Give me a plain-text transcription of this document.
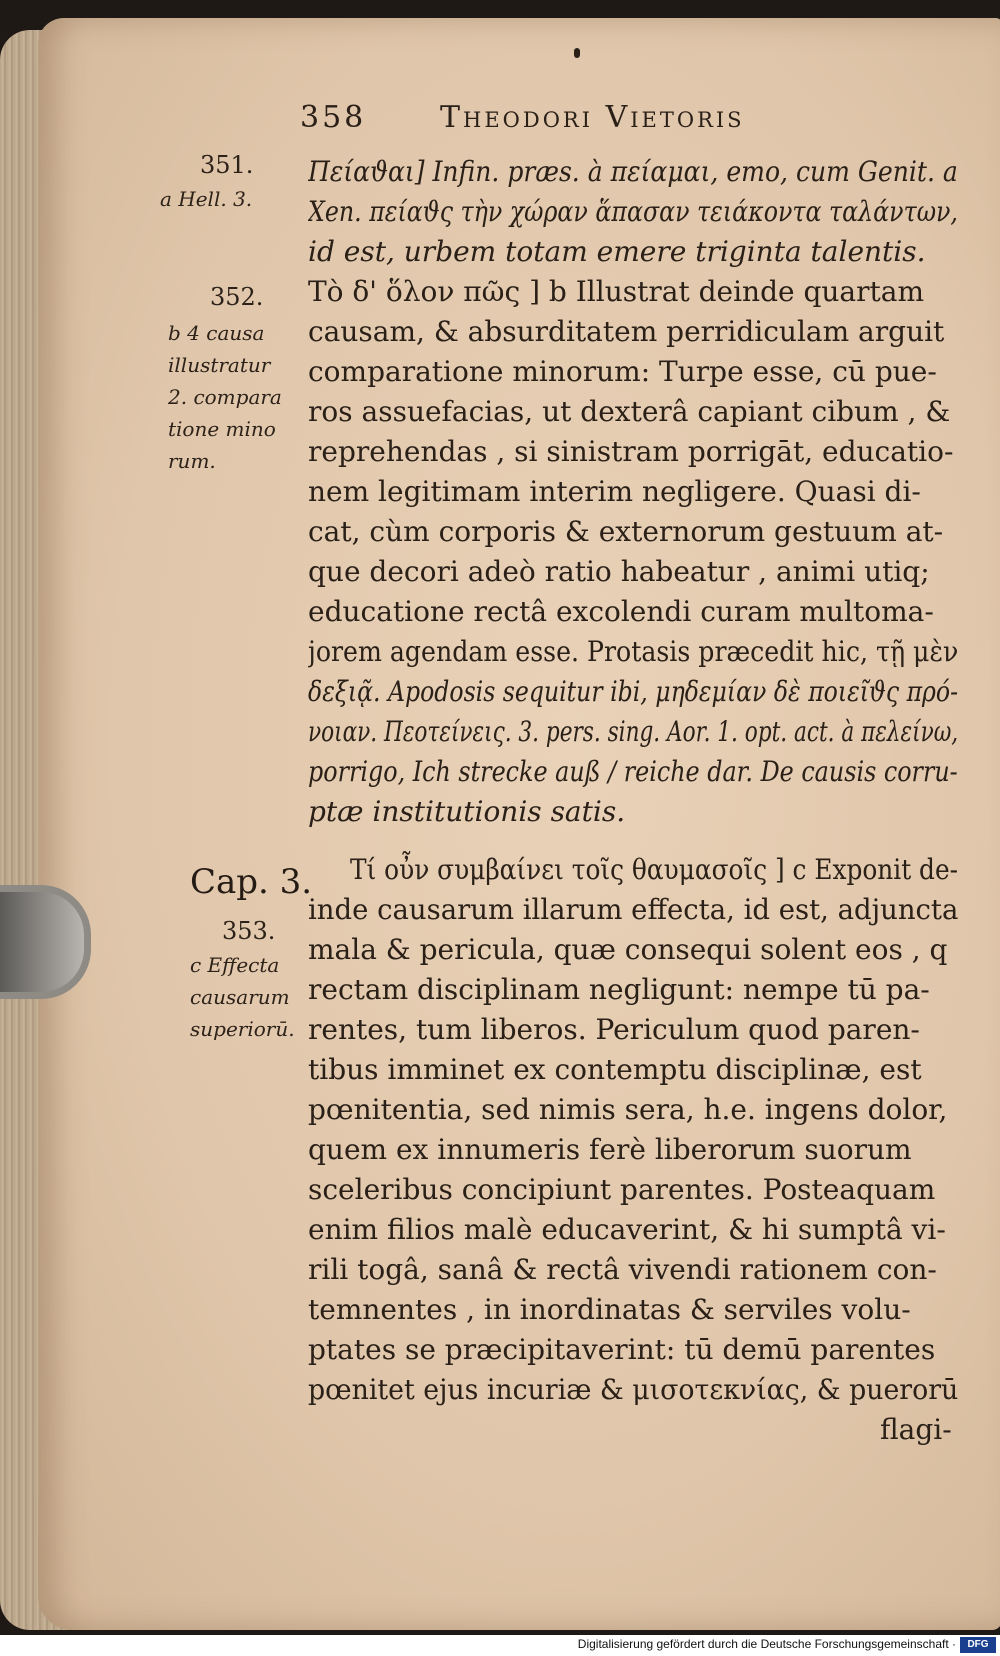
358 Theodori Vietoris
351.
a Hell. 3.
352.
b 4 causa
illustratur
2. compara
tione mino
rum.
Cap. 3.
353.
c Effecta
causarum
superiorū.
Πείαϑαι] Infin. præs. à πείαμαι, emo, cum Genit. a
Xen. πείαϑς τὴν χώραν ἅπασαν τειάκοντα ταλάντων,
id est, urbem totam emere triginta talentis.
Τὸ δ' ὅλον πῶς ] b Illustrat deinde quartam
causam, & absurditatem perridiculam arguit
comparatione minorum: Turpe esse, cū pue-
ros assuefacias, ut dexterâ capiant cibum , &
reprehendas , si sinistram porrigāt, educatio-
nem legitimam interim negligere. Quasi di-
cat, cùm corporis & externorum gestuum at-
que decori adeò ratio habeatur , animi utiq;
educatione rectâ excolendi curam multoma-
jorem agendam esse. Protasis præcedit hic, τῇ μὲν
δεξιᾷ. Apodosis sequitur ibi, μηδεμίαν δὲ ποιεῖϑς πρό-
νοιαν. Πɛοτείνεις. 3. pers. sing. Aor. 1. opt. act. à πɛλείνω,
porrigo, Ich strecke auß / reiche dar. De causis corru-
ptæ institutionis satis.
Τί οὖν συμβαίνει τοῖς θαυμασοῖς ] c Exponit de-
inde causarum illarum effecta, id est, adjuncta
mala & pericula, quæ consequi solent eos , q
rectam disciplinam negligunt: nempe tū pa-
rentes, tum liberos. Periculum quod paren-
tibus imminet ex contemptu disciplinæ, est
pœnitentia, sed nimis sera, h.e. ingens dolor,
quem ex innumeris ferè liberorum suorum
sceleribus concipiunt parentes. Posteaquam
enim filios malè educaverint, & hi sumptâ vi-
rili togâ, sanâ & rectâ vivendi rationem con-
temnentes , in inordinatas & serviles volu-
ptates se præcipitaverint: tū demū parentes
pœnitet ejus incuriæ & μισοτεκνίας, & puerorū
flagi-
Digitalisierung gefördert durch die Deutsche Forschungsgemeinschaft ·	DFG
